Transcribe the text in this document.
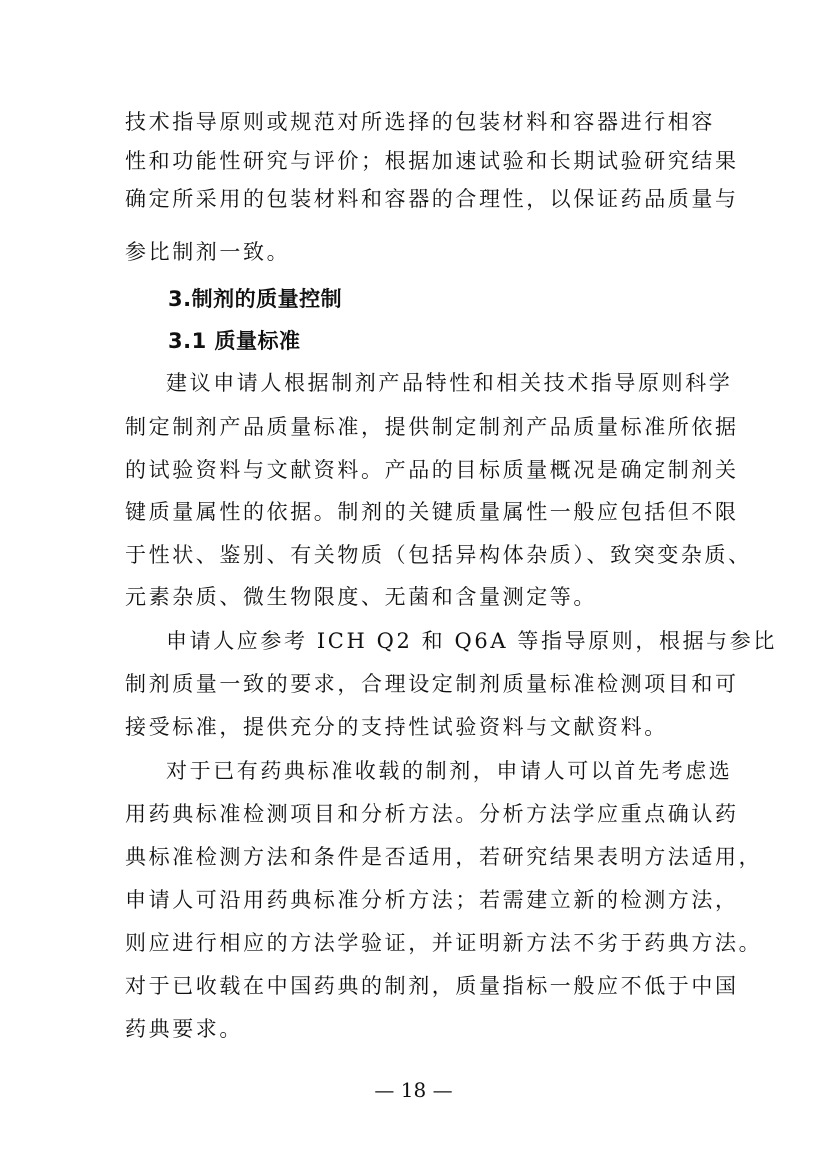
技术指导原则或规范对所选择的包装材料和容器进行相容
性和功能性研究与评价；根据加速试验和长期试验研究结果
确定所采用的包装材料和容器的合理性，以保证药品质量与
参比制剂一致。
3.制剂的质量控制
3.1 质量标准
建议申请人根据制剂产品特性和相关技术指导原则科学
制定制剂产品质量标准，提供制定制剂产品质量标准所依据
的试验资料与文献资料。产品的目标质量概况是确定制剂关
键质量属性的依据。制剂的关键质量属性一般应包括但不限
于性状、鉴别、有关物质（包括异构体杂质）、致突变杂质、
元素杂质、微生物限度、无菌和含量测定等。
申请人应参考 ICH Q2 和 Q6A 等指导原则，根据与参比
制剂质量一致的要求，合理设定制剂质量标准检测项目和可
接受标准，提供充分的支持性试验资料与文献资料。
对于已有药典标准收载的制剂，申请人可以首先考虑选
用药典标准检测项目和分析方法。分析方法学应重点确认药
典标准检测方法和条件是否适用，若研究结果表明方法适用，
申请人可沿用药典标准分析方法；若需建立新的检测方法，
则应进行相应的方法学验证，并证明新方法不劣于药典方法。
对于已收载在中国药典的制剂，质量指标一般应不低于中国
药典要求。
— 18 —
